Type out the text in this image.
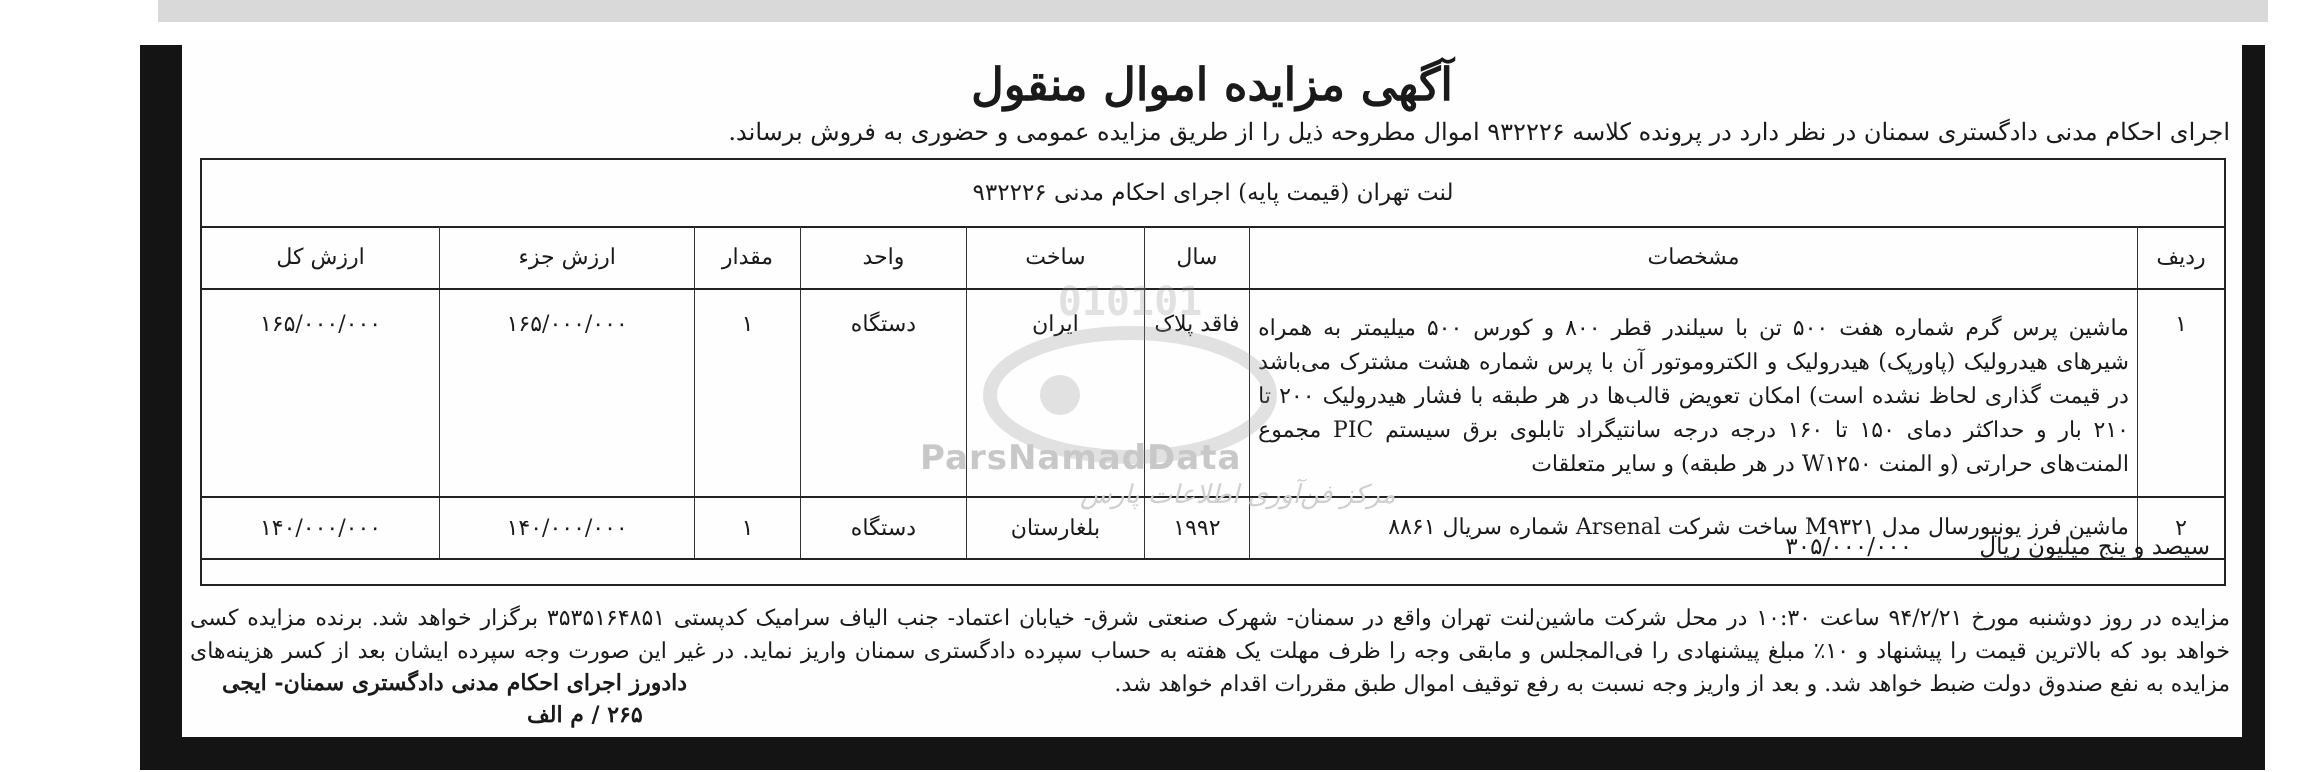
آگهی مزایده اموال منقول
اجرای احکام مدنی دادگستری سمنان در نظر دارد در پرونده کلاسه ۹۳۲۲۲۶ اموال مطروحه ذیل را از طریق مزایده عمومی و حضوری به فروش برساند.
لنت تهران (قیمت پایه) اجرای احکام مدنی ۹۳۲۲۲۶
ردیف	مشخصات	سال	ساخت	واحد	مقدار	ارزش جزء	ارزش کل
۱	ماشین پرس گرم شماره هفت ۵۰۰ تن با سیلندر قطر ۸۰۰ و کورس ۵۰۰ میلیمتر به همراه شیرهای هیدرولیک (پاورپک) هیدرولیک و الکتروموتور آن با پرس شماره هشت مشترک می‌باشد در قیمت گذاری لحاظ نشده است) امکان تعویض قالب‌ها در هر طبقه با فشار هیدرولیک ۲۰۰ تا ۲۱۰ بار و حداکثر دمای ۱۵۰ تا ۱۶۰ درجه درجه سانتیگراد تابلوی برق سیستم PIC مجموع المنت‌های حرارتی (و المنت W۱۲۵۰ در هر طبقه) و سایر متعلقات	فاقد پلاک	ایران	دستگاه	۱	۱۶۵/۰۰۰/۰۰۰	۱۶۵/۰۰۰/۰۰۰
۲	ماشین فرز یونیورسال مدل M۹۳۲۱ ساخت شرکت Arsenal شماره سریال ۸۸۶۱	۱۹۹۲	بلغارستان	دستگاه	۱	۱۴۰/۰۰۰/۰۰۰	۱۴۰/۰۰۰/۰۰۰
سیصد و پنج میلیون ریال ۳۰۵/۰۰۰/۰۰۰
مزایده در روز دوشنبه مورخ ۹۴/۲/۲۱ ساعت ۱۰:۳۰ در محل شرکت ماشین‌لنت تهران واقع در سمنان- شهرک صنعتی شرق- خیابان اعتماد- جنب الیاف سرامیک کدپستی ۳۵۳۵۱۶۴۸۵۱ برگزار خواهد شد. برنده مزایده کسی خواهد بود که بالاترین قیمت را پیشنهاد و ۱۰٪ مبلغ پیشنهادی را فی‌المجلس و مابقی وجه را ظرف مهلت یک هفته به حساب سپرده دادگستری سمنان واریز نماید. در غیر این صورت وجه سپرده ایشان بعد از کسر هزینه‌های مزایده به نفع صندوق دولت ضبط خواهد شد. و بعد از واریز وجه نسبت به رفع توقیف اموال طبق مقررات اقدام خواهد شد.
دادورز اجرای احکام مدنی دادگستری سمنان- ایجی
۲۶۵ / م الف
010101
ParsNamadData
مرکز فن‌آوری اطلاعات پارس
